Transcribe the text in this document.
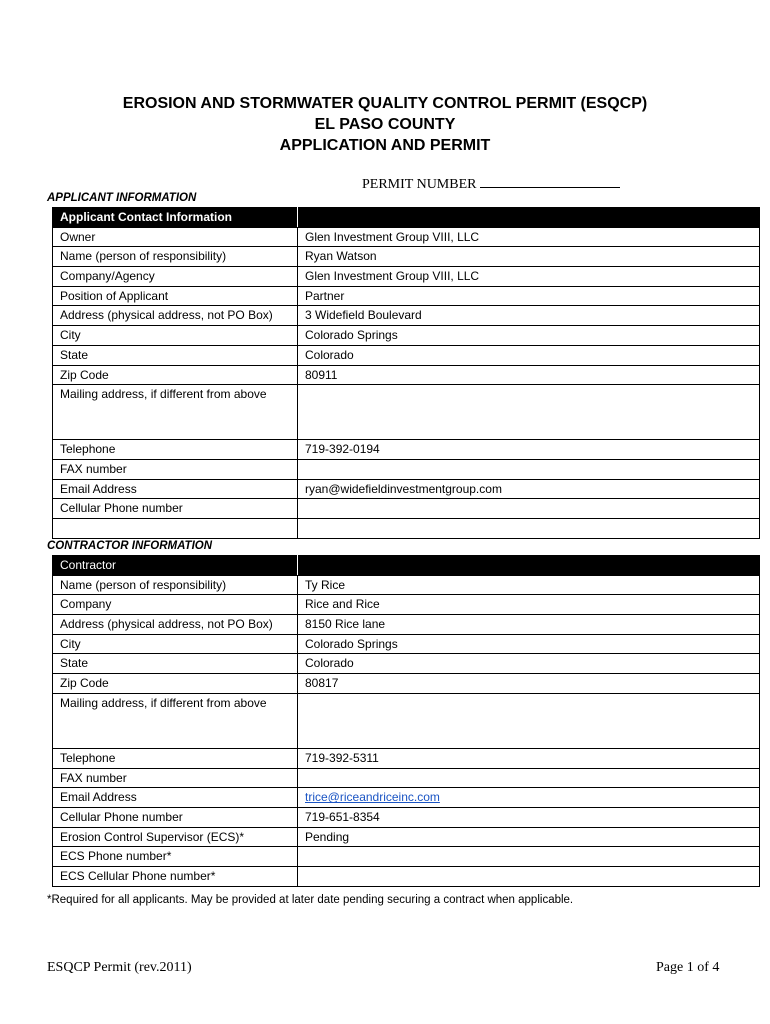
EROSION AND STORMWATER QUALITY CONTROL PERMIT (ESQCP)
EL PASO COUNTY
APPLICATION AND PERMIT
PERMIT NUMBER
APPLICANT INFORMATION
Applicant Contact Information	
Owner	Glen Investment Group VIII, LLC
Name (person of responsibility)	Ryan Watson
Company/Agency	Glen Investment Group VIII, LLC
Position of Applicant	Partner
Address (physical address, not PO Box)	3 Widefield Boulevard
City	Colorado Springs
State	Colorado
Zip Code	80911
Mailing address, if different from above	
Telephone	719-392-0194
FAX number	
Email Address	ryan@widefieldinvestmentgroup.com
Cellular Phone number	

CONTRACTOR INFORMATION
Contractor	
Name (person of responsibility)	Ty Rice
Company	Rice and Rice
Address (physical address, not PO Box)	8150 Rice lane
City	Colorado Springs
State	Colorado
Zip Code	80817
Mailing address, if different from above	
Telephone	719-392-5311
FAX number	
Email Address	trice@riceandriceinc.com
Cellular Phone number	719-651-8354
Erosion Control Supervisor (ECS)*	Pending
ECS Phone number*	
ECS Cellular Phone number*	
*Required for all applicants. May be provided at later date pending securing a contract when applicable.
ESQCP Permit (rev.2011)	Page 1 of 4
